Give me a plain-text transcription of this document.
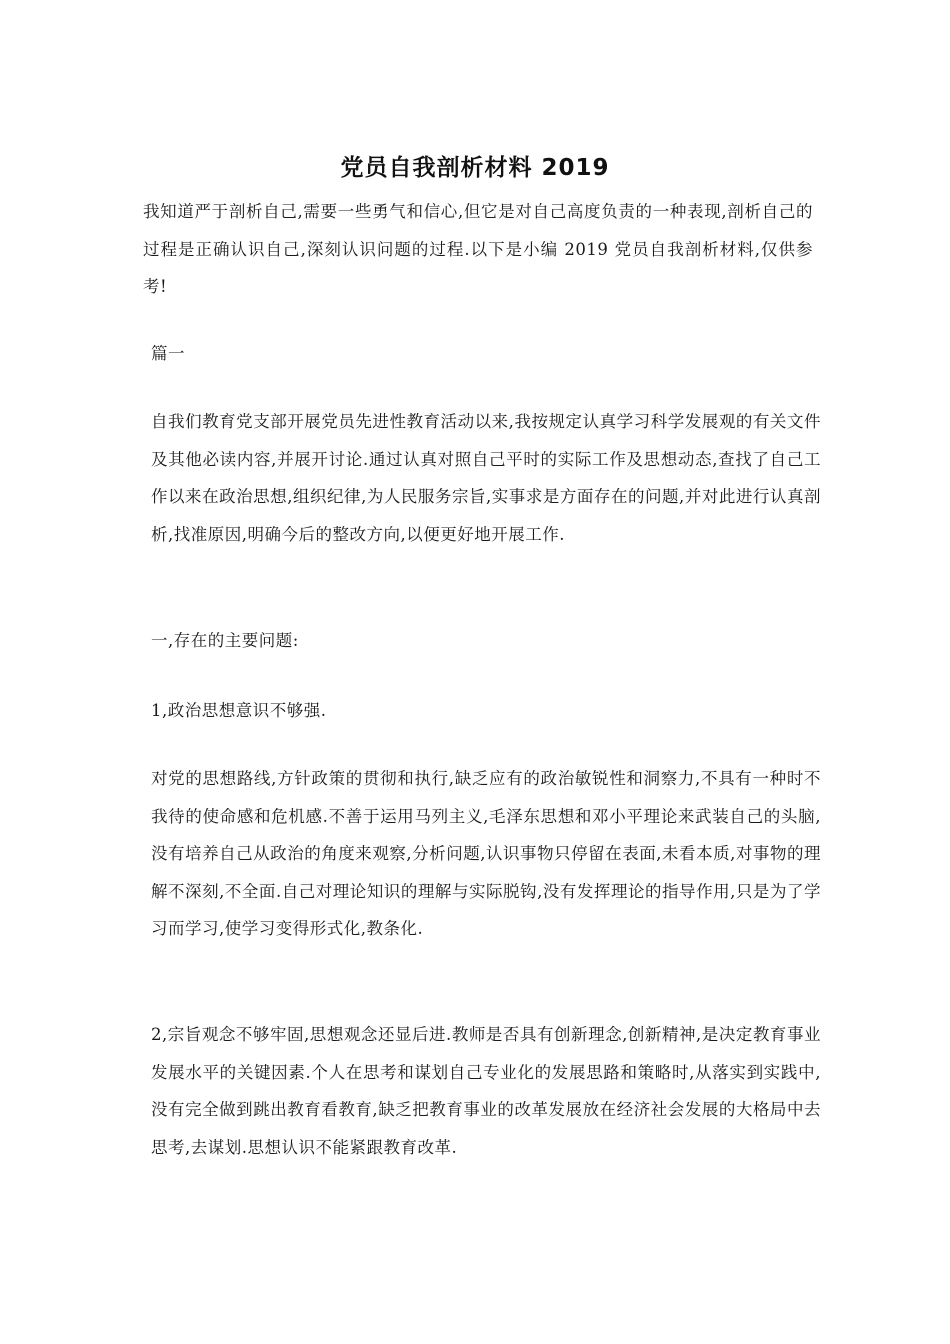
党员自我剖析材料 2019

我知道严于剖析自己,需要一些勇气和信心,但它是对自己高度负责的一种表现,剖析自己的过程是正确认识自己,深刻认识问题的过程.以下是小编 2019 党员自我剖析材料,仅供参考!

篇一

自我们教育党支部开展党员先进性教育活动以来,我按规定认真学习科学发展观的有关文件及其他必读内容,并展开讨论.通过认真对照自己平时的实际工作及思想动态,查找了自己工作以来在政治思想,组织纪律,为人民服务宗旨,实事求是方面存在的问题,并对此进行认真剖析,找准原因,明确今后的整改方向,以便更好地开展工作.

一,存在的主要问题:

1,政治思想意识不够强.

对党的思想路线,方针政策的贯彻和执行,缺乏应有的政治敏锐性和洞察力,不具有一种时不我待的使命感和危机感.不善于运用马列主义,毛泽东思想和邓小平理论来武装自己的头脑,没有培养自己从政治的角度来观察,分析问题,认识事物只停留在表面,未看本质,对事物的理解不深刻,不全面.自己对理论知识的理解与实际脱钩,没有发挥理论的指导作用,只是为了学习而学习,使学习变得形式化,教条化.

2,宗旨观念不够牢固,思想观念还显后进.教师是否具有创新理念,创新精神,是决定教育事业发展水平的关键因素.个人在思考和谋划自己专业化的发展思路和策略时,从落实到实践中,没有完全做到跳出教育看教育,缺乏把教育事业的改革发展放在经济社会发展的大格局中去思考,去谋划.思想认识不能紧跟教育改革.
